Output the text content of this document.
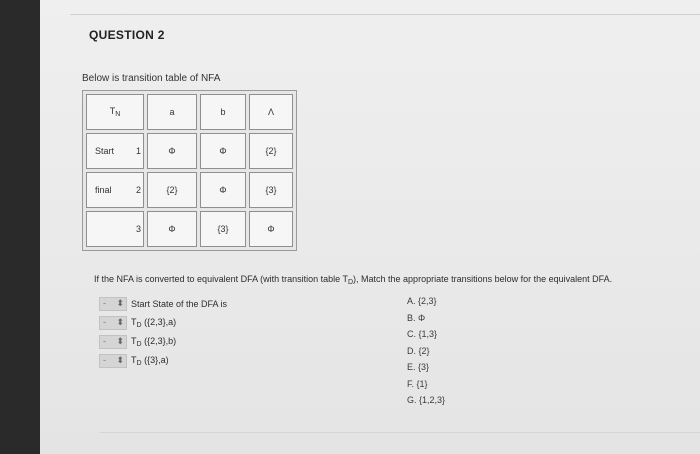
QUESTION 2
Below is transition table of NFA
$T_N$	a	b	Λ

Start 1	Φ	Φ	{2}

final 2	{2}	Φ	{3}

3	Φ	{3}	Φ
If the NFA is converted to equivalent DFA (with transition table $T_D$), Match the appropriate transitions below for the equivalent DFA.
- ⬍ Start State of the DFA is
- ⬍ $T_D$ ({2,3},a)
- ⬍ $T_D$ ({2,3},b)
- ⬍ $T_D$ ({3},a)
A. {2,3}
B. Φ
C. {1,3}
D. {2}
E. {3}
F. {1}
G. {1,2,3}
